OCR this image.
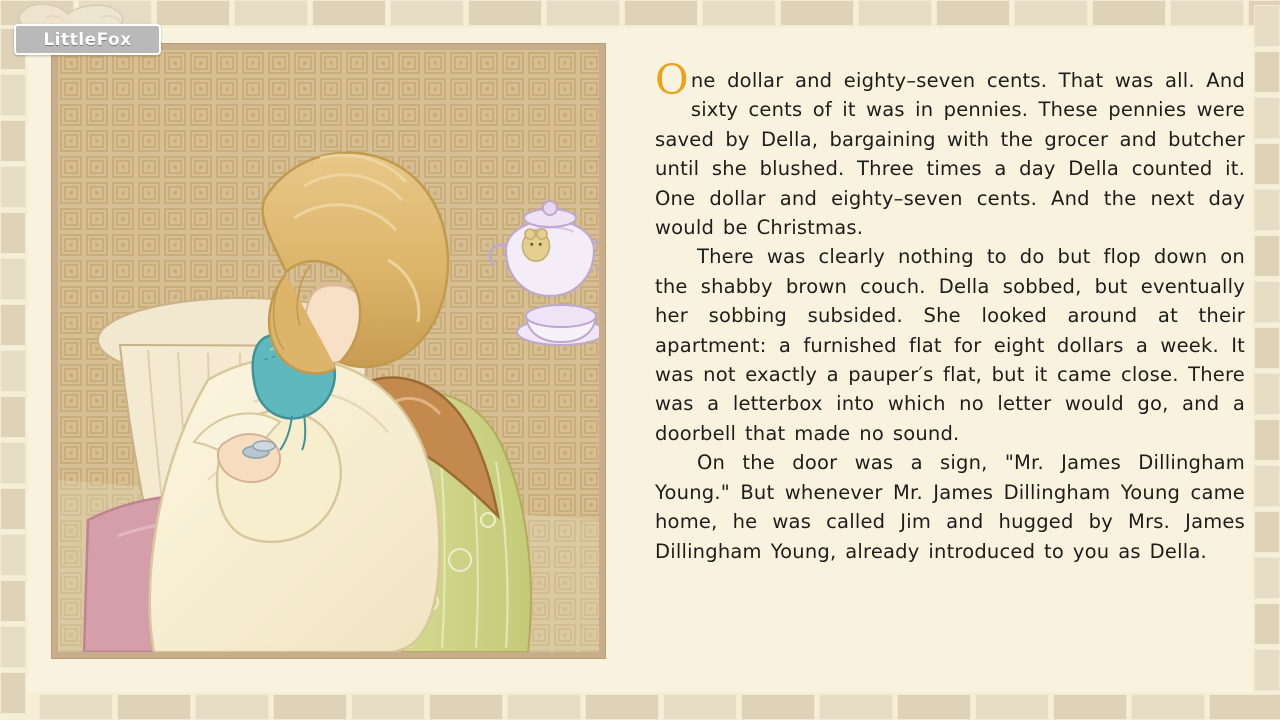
LittleFox

One dollar and eighty–seven cents. That was all. And sixty cents of it was in pennies. These pennies were saved by Della, bargaining with the grocer and butcher until she blushed. Three times a day Della counted it. One dollar and eighty–seven cents. And the next day would be Christmas.

There was clearly nothing to do but flop down on the shabby brown couch. Della sobbed, but eventually her sobbing subsided. She looked around at their apartment: a furnished flat for eight dollars a week. It was not exactly a pauper′s flat, but it came close. There was a letterbox into which no letter would go, and a doorbell that made no sound.

On the door was a sign, "Mr. James Dillingham Young." But whenever Mr. James Dillingham Young came home, he was called Jim and hugged by Mrs. James Dillingham Young, already introduced to you as Della.
